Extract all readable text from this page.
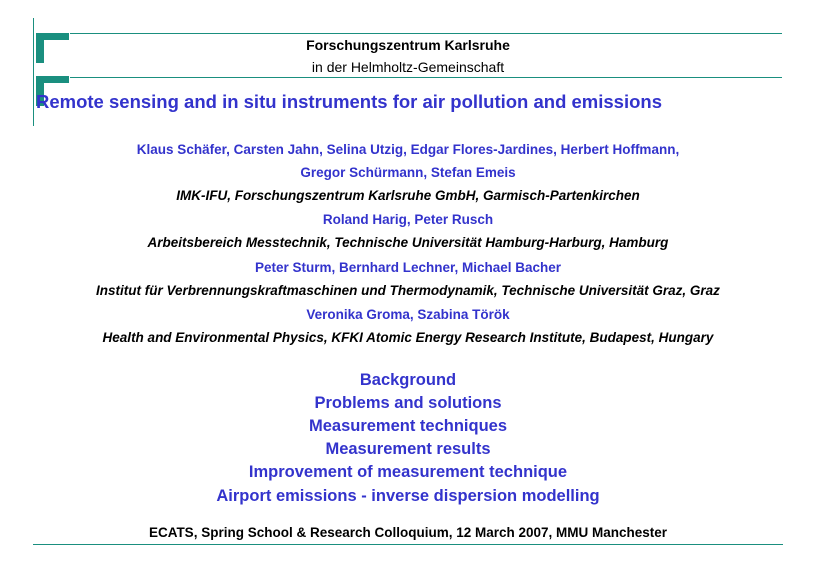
Forschungszentrum Karlsruhe
in der Helmholtz-Gemeinschaft
Remote sensing and in situ instruments for air pollution and emissions
Klaus Schäfer, Carsten Jahn, Selina Utzig, Edgar Flores-Jardines, Herbert Hoffmann,
Gregor Schürmann, Stefan Emeis
IMK-IFU, Forschungszentrum Karlsruhe GmbH, Garmisch-Partenkirchen
Roland Harig, Peter Rusch
Arbeitsbereich Messtechnik, Technische Universität Hamburg-Harburg, Hamburg
Peter Sturm, Bernhard Lechner, Michael Bacher
Institut für Verbrennungskraftmaschinen und Thermodynamik, Technische Universität Graz, Graz
Veronika Groma, Szabina Török
Health and Environmental Physics, KFKI Atomic Energy Research Institute, Budapest, Hungary
Background
Problems and solutions
Measurement techniques
Measurement results
Improvement of measurement technique
Airport emissions - inverse dispersion modelling
ECATS, Spring School & Research Colloquium, 12 March 2007, MMU Manchester
